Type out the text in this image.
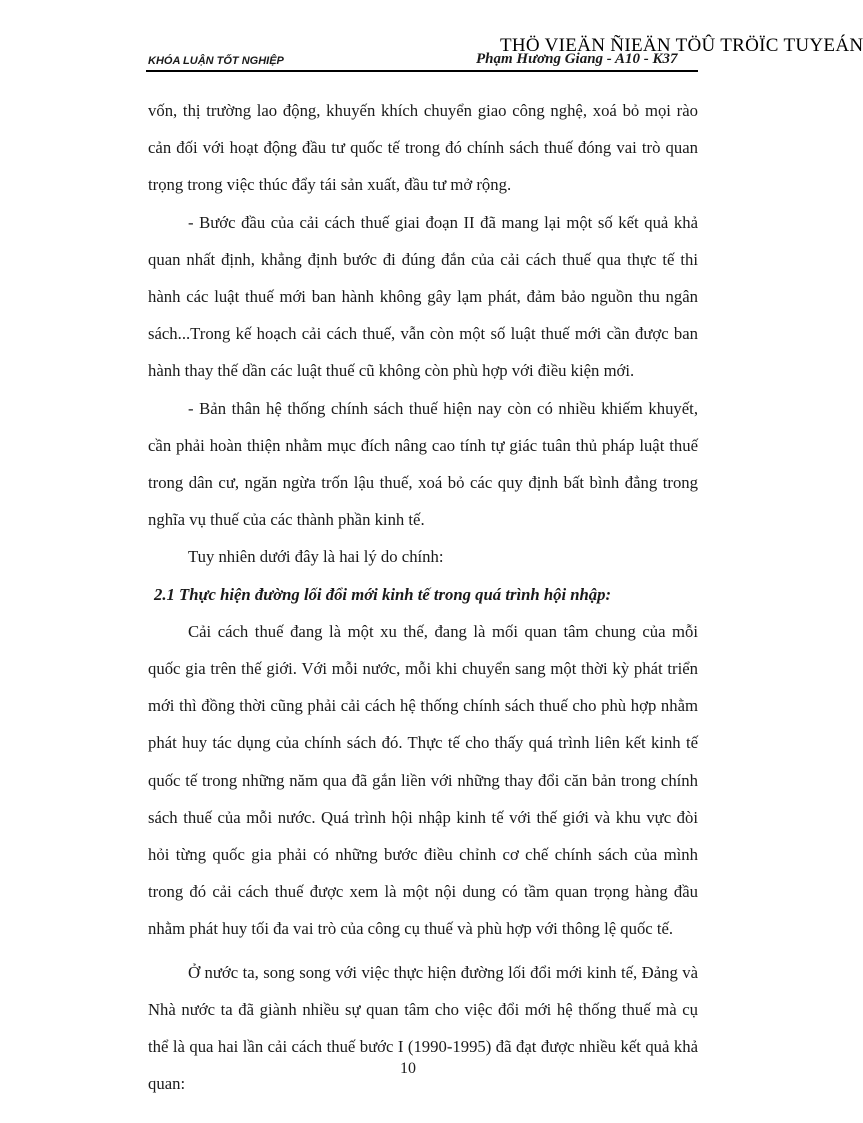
THÖ VIEÄN ÑIEÄN TÖÛ TRÖÏC TUYEÁN
KHÓA LUẬN TỐT NGHIỆP	Phạm Hương Giang - A10 - K37

vốn, thị trường lao động, khuyến khích chuyển giao công nghệ, xoá bỏ mọi rào cản đối với hoạt động đầu tư quốc tế trong đó chính sách thuế đóng vai trò quan trọng trong việc thúc đẩy tái sản xuất, đầu tư mở rộng.

- Bước đầu của cải cách thuế giai đoạn II đã mang lại một số kết quả khả quan nhất định, khẳng định bước đi đúng đắn của cải cách thuế qua thực tế thi hành các luật thuế mới ban hành không gây lạm phát, đảm bảo nguồn thu ngân sách...Trong kế hoạch cải cách thuế, vẫn còn một số luật thuế mới cần được ban hành thay thế dần các luật thuế cũ không còn phù hợp với điều kiện mới.

- Bản thân hệ thống chính sách thuế hiện nay còn có nhiều khiếm khuyết, cần phải hoàn thiện nhằm mục đích nâng cao tính tự giác tuân thủ pháp luật thuế trong dân cư, ngăn ngừa trốn lậu thuế, xoá bỏ các quy định bất bình đẳng trong nghĩa vụ thuế của các thành phần kinh tế.

Tuy nhiên dưới đây là hai lý do chính:

2.1 Thực hiện đường lối đổi mới kinh tế trong quá trình hội nhập:

Cải cách thuế đang là một xu thế, đang là mối quan tâm chung của mỗi quốc gia trên thế giới. Với mỗi nước, mỗi khi chuyển sang một thời kỳ phát triển mới thì đồng thời cũng phải cải cách hệ thống chính sách thuế cho phù hợp nhằm phát huy tác dụng của chính sách đó. Thực tế cho thấy quá trình liên kết kinh tế quốc tế trong những năm qua đã gắn liền với những thay đổi căn bản trong chính sách thuế của mỗi nước. Quá trình hội nhập kinh tế với thế giới và khu vực đòi hỏi từng quốc gia phải có những bước điều chỉnh cơ chế chính sách của mình trong đó cải cách thuế được xem là một nội dung có tầm quan trọng hàng đầu nhằm phát huy tối đa vai trò của công cụ thuế và phù hợp với thông lệ quốc tế.

Ở nước ta, song song với việc thực hiện đường lối đổi mới kinh tế, Đảng và Nhà nước ta đã giành nhiều sự quan tâm cho việc đổi mới hệ thống thuế mà cụ thể là qua hai lần cải cách thuế bước I (1990-1995) đã đạt được nhiều kết quả khả quan:

10
